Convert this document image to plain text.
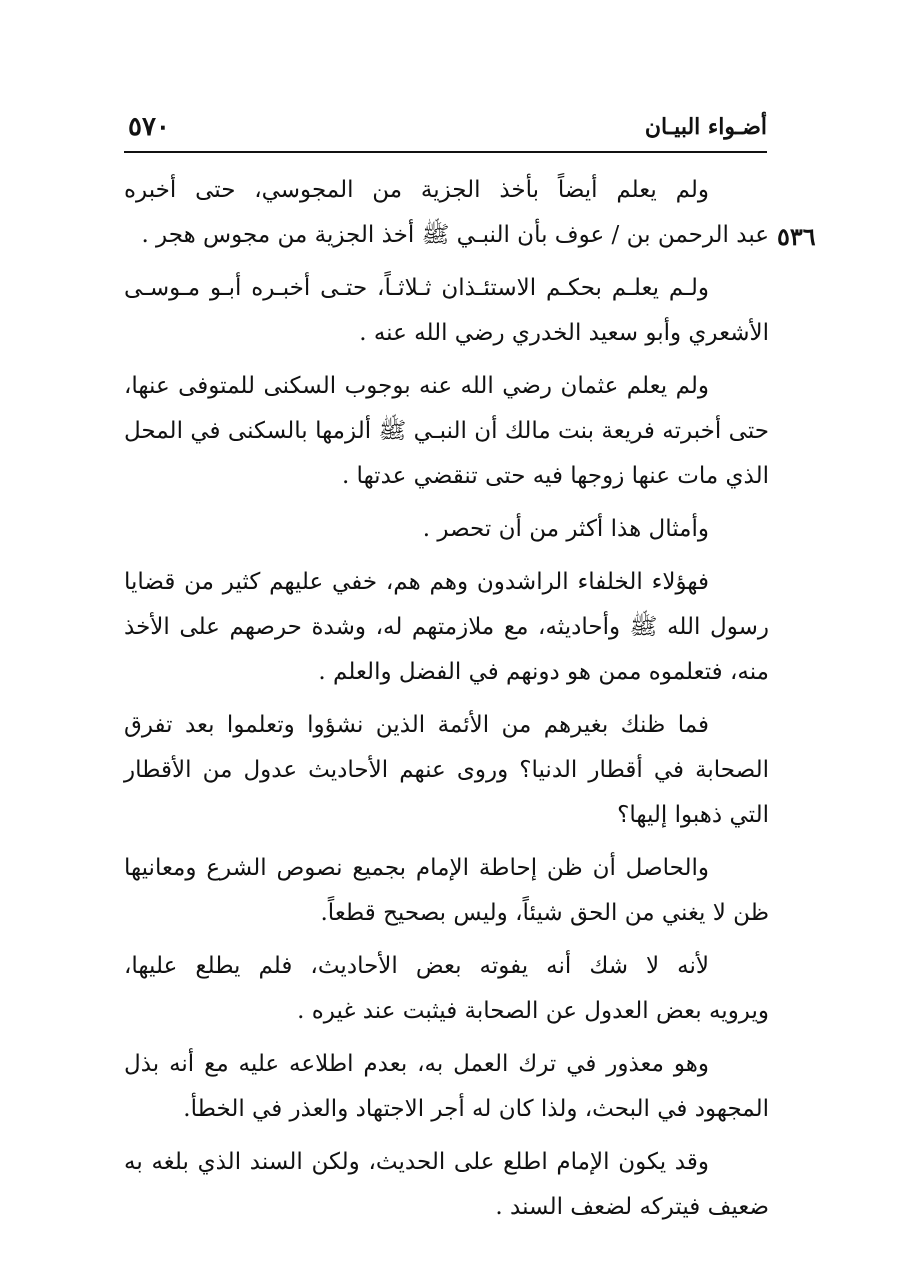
أضـواء البيـان
٥٧٠
٥٣٦

ولم يعلم أيضاً بأخذ الجزية من المجوسي، حتى أخبره
عبد الرحمن بن / عوف بأن النبـي ﷺ أخذ الجزية من مجوس هجر .

ولـم يعلـم بحكـم الاستئـذان ثـلاثـاً، حتـى أخبـره أبـو مـوسـى
الأشعري وأبو سعيد الخدري رضي الله عنه .

ولم يعلم عثمان رضي الله عنه بوجوب السكنى للمتوفى عنها،
حتى أخبرته فريعة بنت مالك أن النبـي ﷺ ألزمها بالسكنى في المحل
الذي مات عنها زوجها فيه حتى تنقضي عدتها .

وأمثال هذا أكثر من أن تحصر .

فهؤلاء الخلفاء الراشدون وهم هم، خفي عليهم كثير من قضايا
رسول الله ﷺ وأحاديثه، مع ملازمتهم له، وشدة حرصهم على الأخذ
منه، فتعلموه ممن هو دونهم في الفضل والعلم .

فما ظنك بغيرهم من الأئمة الذين نشؤوا وتعلموا بعد تفرق
الصحابة في أقطار الدنيا؟ وروى عنهم الأحاديث عدول من الأقطار
التي ذهبوا إليها؟

والحاصل أن ظن إحاطة الإمام بجميع نصوص الشرع ومعانيها
ظن لا يغني من الحق شيئاً، وليس بصحيح قطعاً.

لأنه لا شك أنه يفوته بعض الأحاديث، فلم يطلع عليها،
ويرويه بعض العدول عن الصحابة فيثبت عند غيره .

وهو معذور في ترك العمل به، بعدم اطلاعه عليه مع أنه بذل
المجهود في البحث، ولذا كان له أجر الاجتهاد والعذر في الخطأ.

وقد يكون الإمام اطلع على الحديث، ولكن السند الذي بلغه به
ضعيف فيتركه لضعف السند .
